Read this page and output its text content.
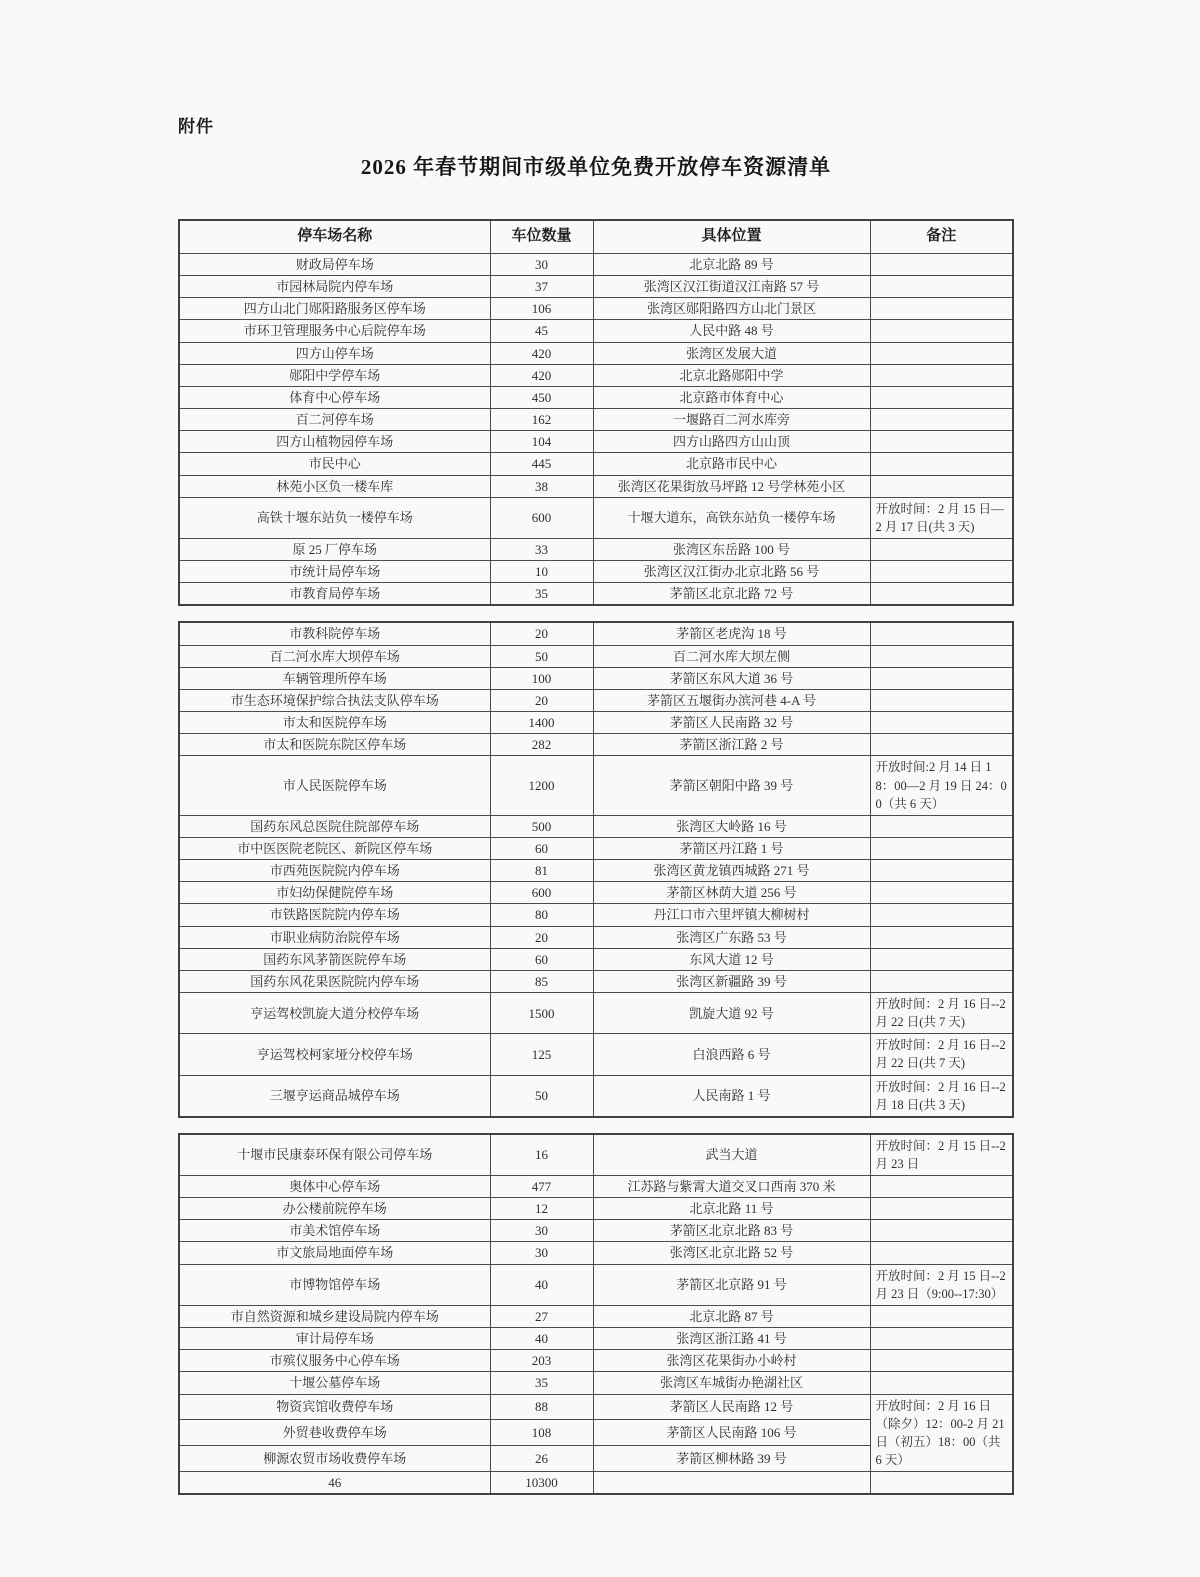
附件
2026 年春节期间市级单位免费开放停车资源清单
停车场名称	车位数量	具体位置	备注
财政局停车场	30	北京北路 89 号	
市园林局院内停车场	37	张湾区汉江街道汉江南路 57 号	
四方山北门郧阳路服务区停车场	106	张湾区郧阳路四方山北门景区	
市环卫管理服务中心后院停车场	45	人民中路 48 号	
四方山停车场	420	张湾区发展大道	
郧阳中学停车场	420	北京北路郧阳中学	
体育中心停车场	450	北京路市体育中心	
百二河停车场	162	一堰路百二河水库旁	
四方山植物园停车场	104	四方山路四方山山顶	
市民中心	445	北京路市民中心	
林苑小区负一楼车库	38	张湾区花果街放马坪路 12 号学林苑小区	
高铁十堰东站负一楼停车场	600	十堰大道东，高铁东站负一楼停车场	开放时间：2 月 15 日—2 月 17 日(共 3 天)
原 25 厂停车场	33	张湾区东岳路 100 号	
市统计局停车场	10	张湾区汉江街办北京北路 56 号	
市教育局停车场	35	茅箭区北京北路 72 号	
市教科院停车场	20	茅箭区老虎沟 18 号	
百二河水库大坝停车场	50	百二河水库大坝左侧	
车辆管理所停车场	100	茅箭区东风大道 36 号	
市生态环境保护综合执法支队停车场	20	茅箭区五堰街办滨河巷 4-A 号	
市太和医院停车场	1400	茅箭区人民南路 32 号	
市太和医院东院区停车场	282	茅箭区浙江路 2 号	
市人民医院停车场	1200	茅箭区朝阳中路 39 号	开放时间:2 月 14 日 18：00—2 月 19 日 24：00（共 6 天）
国药东风总医院住院部停车场	500	张湾区大岭路 16 号	
市中医医院老院区、新院区停车场	60	茅箭区丹江路 1 号	
市西苑医院院内停车场	81	张湾区黄龙镇西城路 271 号	
市妇幼保健院停车场	600	茅箭区林荫大道 256 号	
市铁路医院院内停车场	80	丹江口市六里坪镇大柳树村	
市职业病防治院停车场	20	张湾区广东路 53 号	
国药东风茅箭医院停车场	60	东风大道 12 号	
国药东风花果医院院内停车场	85	张湾区新疆路 39 号	
亨运驾校凯旋大道分校停车场	1500	凯旋大道 92 号	开放时间：2 月 16 日--2 月 22 日(共 7 天)
亨运驾校柯家垭分校停车场	125	白浪西路 6 号	开放时间：2 月 16 日--2 月 22 日(共 7 天)
三堰亨运商品城停车场	50	人民南路 1 号	开放时间：2 月 16 日--2 月 18 日(共 3 天)
十堰市民康泰环保有限公司停车场	16	武当大道	开放时间：2 月 15 日--2 月 23 日
奥体中心停车场	477	江苏路与紫霄大道交叉口西南 370 米	
办公楼前院停车场	12	北京北路 11 号	
市美术馆停车场	30	茅箭区北京北路 83 号	
市文旅局地面停车场	30	张湾区北京北路 52 号	
市博物馆停车场	40	茅箭区北京路 91 号	开放时间：2 月 15 日--2 月 23 日（9:00--17:30）
市自然资源和城乡建设局院内停车场	27	北京北路 87 号	
审计局停车场	40	张湾区浙江路 41 号	
市殡仪服务中心停车场	203	张湾区花果街办小岭村	
十堰公墓停车场	35	张湾区车城街办艳湖社区	
物资宾馆收费停车场	88	茅箭区人民南路 12 号	开放时间：2 月 16 日（除夕）12：00-2 月 21 日（初五）18：00（共 6 天）
外贸巷收费停车场	108	茅箭区人民南路 106 号	
柳源农贸市场收费停车场	26	茅箭区柳林路 39 号	
46	10300		
